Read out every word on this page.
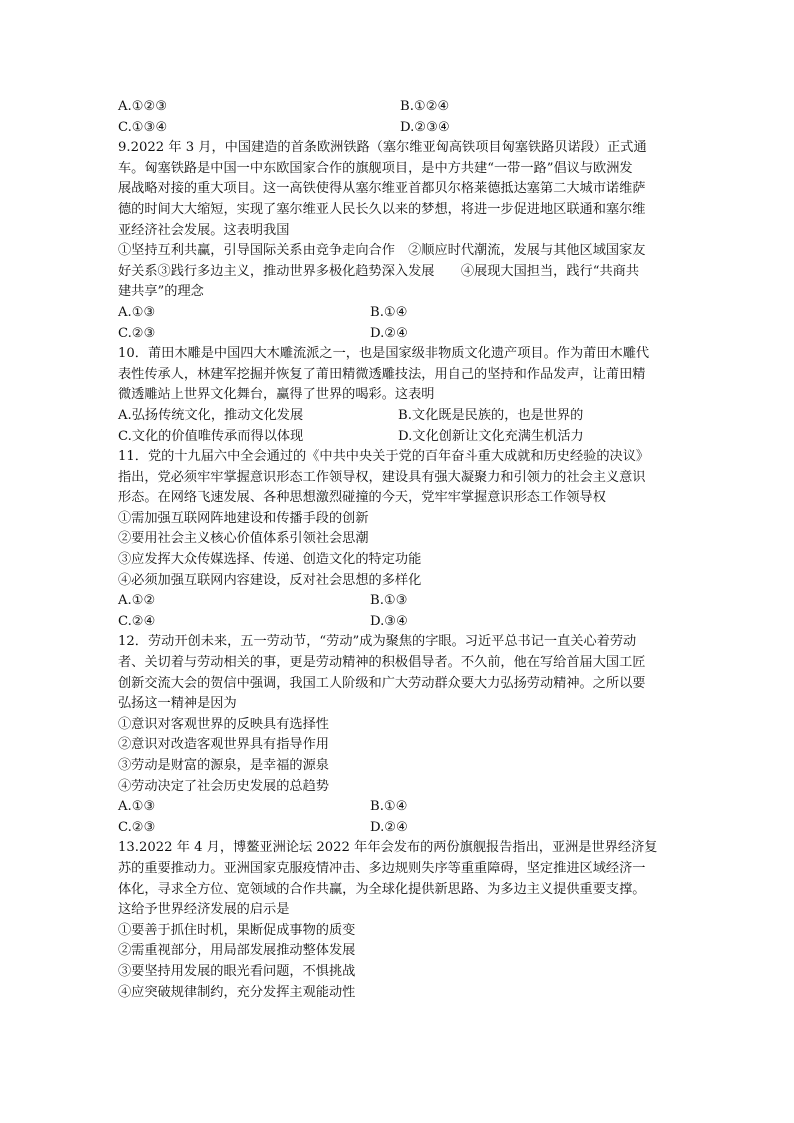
A.①②③	B.①②④
C.①③④	D.②③④
9.2022 年 3 月，中国建造的首条欧洲铁路（塞尔维亚匈高铁项目匈塞铁路贝诺段）正式通
车。匈塞铁路是中国一中东欧国家合作的旗舰项目，是中方共建“一带一路”倡议与欧洲发
展战略对接的重大项目。这一高铁使得从塞尔维亚首都贝尔格莱德抵达塞第二大城市诺维萨
德的时间大大缩短，实现了塞尔维亚人民长久以来的梦想，将进一步促进地区联通和塞尔维
亚经济社会发展。这表明我国
①坚持互利共赢，引导国际关系由竞争走向合作　②顺应时代潮流，发展与其他区域国家友
好关系③践行多边主义，推动世界多极化趋势深入发展　　④展现大国担当，践行“共商共
建共享”的理念
A.①③	B.①④
C.②③	D.②④
10．莆田木雕是中国四大木雕流派之一，也是国家级非物质文化遗产项目。作为莆田木雕代
表性传承人，林建军挖掘并恢复了莆田精微透雕技法，用自己的坚持和作品发声，让莆田精
微透雕站上世界文化舞台，赢得了世界的喝彩。这表明
A.弘扬传统文化，推动文化发展	B.文化既是民族的，也是世界的
C.文化的价值唯传承而得以体现	D.文化创新让文化充满生机活力
11．党的十九届六中全会通过的《中共中央关于党的百年奋斗重大成就和历史经验的决议》
指出，党必须牢牢掌握意识形态工作领导权，建设具有强大凝聚力和引领力的社会主义意识
形态。在网络飞速发展、各种思想激烈碰撞的今天，党牢牢掌握意识形态工作领导权
①需加强互联网阵地建设和传播手段的创新
②要用社会主义核心价值体系引领社会思潮
③应发挥大众传媒选择、传递、创造文化的特定功能
④必须加强互联网内容建设，反对社会思想的多样化
A.①②	B.①③
C.②④	D.③④
12．劳动开创未来，五一劳动节，“劳动”成为聚焦的字眼。习近平总书记一直关心着劳动
者、关切着与劳动相关的事，更是劳动精神的积极倡导者。不久前，他在写给首届大国工匠
创新交流大会的贺信中强调，我国工人阶级和广大劳动群众要大力弘扬劳动精神。之所以要
弘扬这一精神是因为
①意识对客观世界的反映具有选择性
②意识对改造客观世界具有指导作用
③劳动是财富的源泉，是幸福的源泉
④劳动决定了社会历史发展的总趋势
A.①③	B.①④
C.②③	D.②④
13.2022 年 4 月，博鳌亚洲论坛 2022 年年会发布的两份旗舰报告指出，亚洲是世界经济复
苏的重要推动力。亚洲国家克服疫情冲击、多边规则失序等重重障碍，坚定推进区域经济一
体化，寻求全方位、宽领域的合作共赢，为全球化提供新思路、为多边主义提供重要支撑。
这给予世界经济发展的启示是
①要善于抓住时机，果断促成事物的质变
②需重视部分，用局部发展推动整体发展
③要坚持用发展的眼光看问题，不惧挑战
④应突破规律制约，充分发挥主观能动性
